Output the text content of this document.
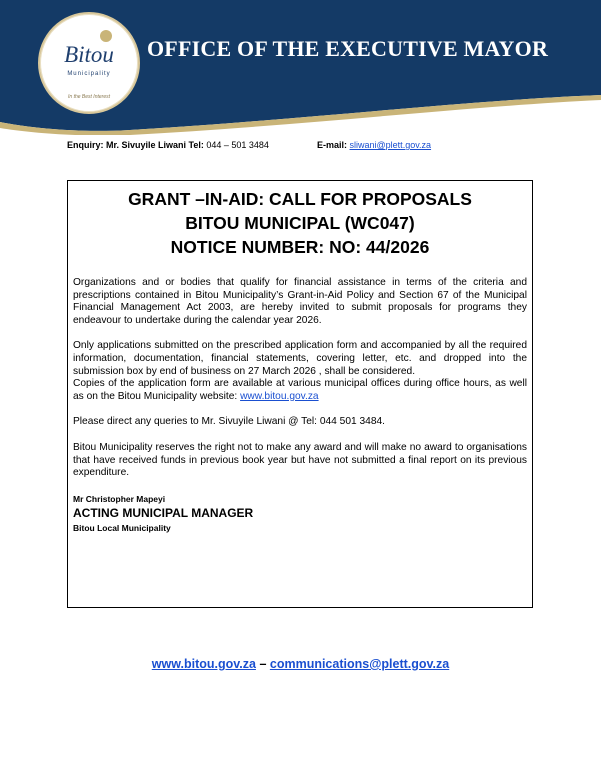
Bitou
Municipality
In the Best Interest
OFFICE OF THE EXECUTIVE MAYOR
Enquiry: Mr. Sivuyile Liwani Tel: 044 – 501 3484	E-mail: sliwani@plett.gov.za
GRANT –IN-AID: CALL FOR PROPOSALS
BITOU MUNICIPAL (WC047)
NOTICE NUMBER: NO: 44/2026

Organizations and or bodies that qualify for financial assistance in terms of the criteria and prescriptions contained in Bitou Municipality’s Grant-in-Aid Policy and Section 67 of the Municipal Financial Management Act 2003, are hereby invited to submit proposals for programs they endeavour to undertake during the calendar year 2026.

Only applications submitted on the prescribed application form and accompanied by all the required information, documentation, financial statements, covering letter, etc. and dropped into the submission box by end of business on 27 March 2026 , shall be considered.

Copies of the application form are available at various municipal offices during office hours, as well as on the Bitou Municipality website: www.bitou.gov.za

Please direct any queries to Mr. Sivuyile Liwani @ Tel: 044 501 3484.

Bitou Municipality reserves the right not to make any award and will make no award to organisations that have received funds in previous book year but have not submitted a final report on its previous expenditure.

Mr Christopher Mapeyi
ACTING MUNICIPAL MANAGER
Bitou Local Municipality
www.bitou.gov.za – communications@plett.gov.za
